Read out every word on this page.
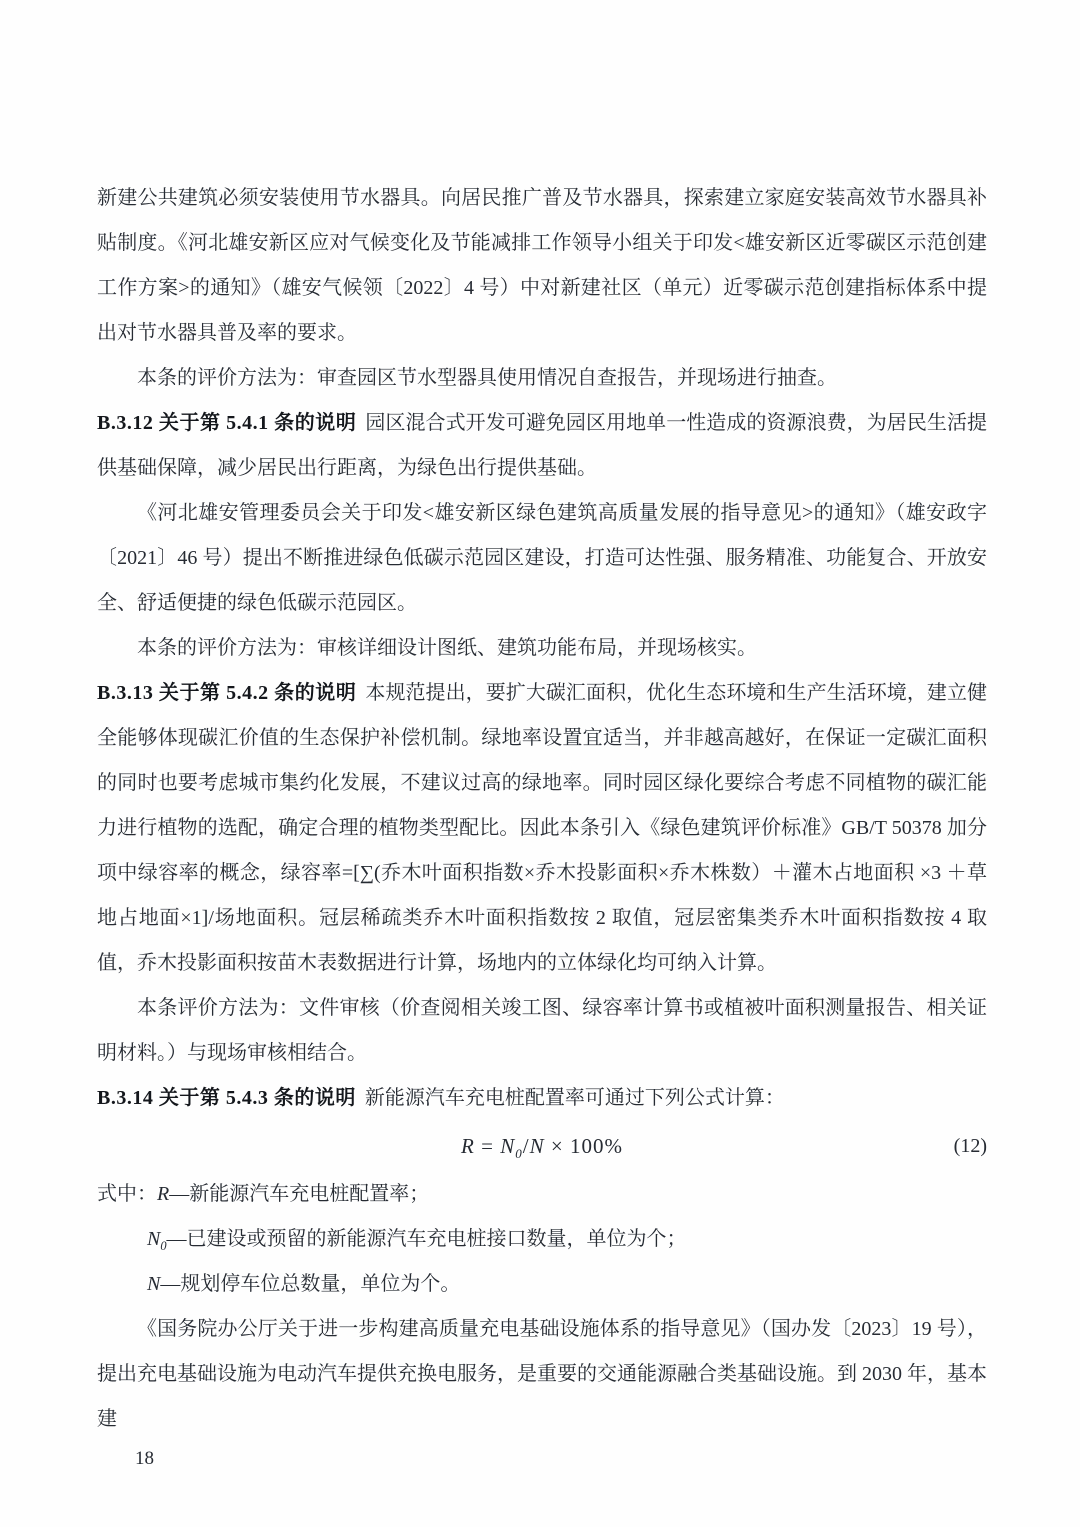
新建公共建筑必须安装使用节水器具。向居民推广普及节水器具，探索建立家庭安装高效节水器具补贴制度。《河北雄安新区应对气候变化及节能减排工作领导小组关于印发<雄安新区近零碳区示范创建工作方案>的通知》（雄安气候领〔2022〕4 号）中对新建社区（单元）近零碳示范创建指标体系中提出对节水器具普及率的要求。

本条的评价方法为：审查园区节水型器具使用情况自查报告，并现场进行抽查。

B.3.12 关于第 5.4.1 条的说明 园区混合式开发可避免园区用地单一性造成的资源浪费，为居民生活提供基础保障，减少居民出行距离，为绿色出行提供基础。

《河北雄安管理委员会关于印发<雄安新区绿色建筑高质量发展的指导意见>的通知》（雄安政字〔2021〕46 号）提出不断推进绿色低碳示范园区建设，打造可达性强、服务精准、功能复合、开放安全、舒适便捷的绿色低碳示范园区。

本条的评价方法为：审核详细设计图纸、建筑功能布局，并现场核实。

B.3.13 关于第 5.4.2 条的说明 本规范提出，要扩大碳汇面积，优化生态环境和生产生活环境，建立健全能够体现碳汇价值的生态保护补偿机制。绿地率设置宜适当，并非越高越好，在保证一定碳汇面积的同时也要考虑城市集约化发展，不建议过高的绿地率。同时园区绿化要综合考虑不同植物的碳汇能力进行植物的选配，确定合理的植物类型配比。因此本条引入《绿色建筑评价标准》GB/T 50378 加分项中绿容率的概念，绿容率=[∑(乔木叶面积指数×乔木投影面积×乔木株数）＋灌木占地面积 ×3 ＋草地占地面×1]/场地面积。冠层稀疏类乔木叶面积指数按 2 取值，冠层密集类乔木叶面积指数按 4 取值，乔木投影面积按苗木表数据进行计算，场地内的立体绿化均可纳入计算。

本条评价方法为：文件审核（价查阅相关竣工图、绿容率计算书或植被叶面积测量报告、相关证明材料。）与现场审核相结合。

B.3.14 关于第 5.4.3 条的说明 新能源汽车充电桩配置率可通过下列公式计算：

$R = N_0/N \times 100\%$	(12)

式中：R—新能源汽车充电桩配置率；

$N_0—$已建设或预留的新能源汽车充电桩接口数量，单位为个；

N—规划停车位总数量，单位为个。

《国务院办公厅关于进一步构建高质量充电基础设施体系的指导意见》（国办发〔2023〕19 号），提出充电基础设施为电动汽车提供充换电服务，是重要的交通能源融合类基础设施。到 2030 年，基本建

18
